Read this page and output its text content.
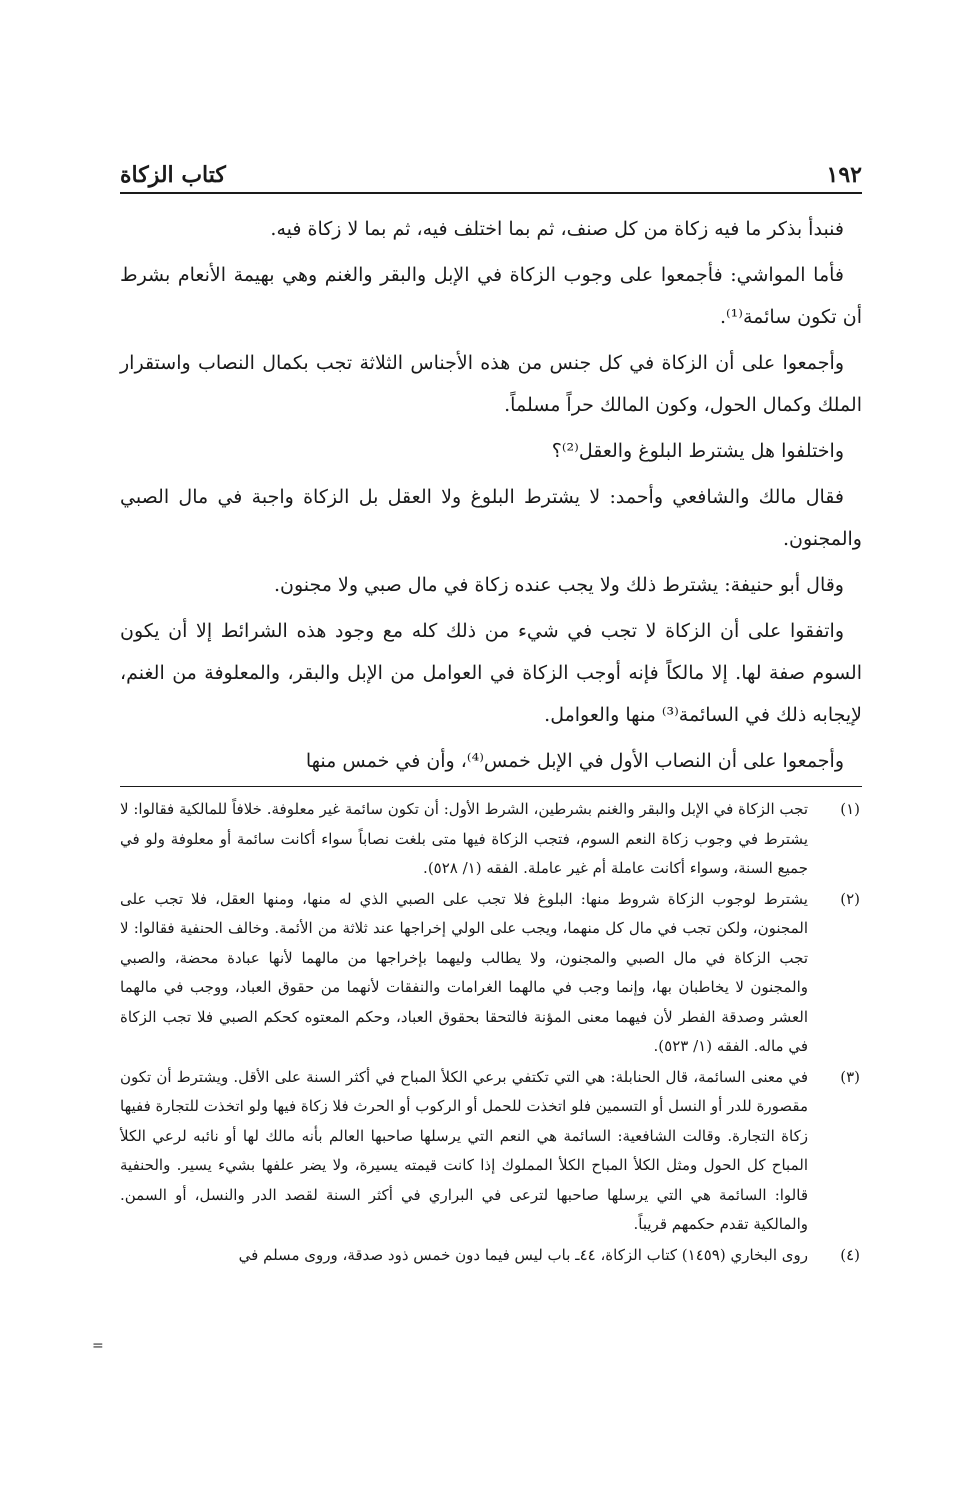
١٩٢
كتاب الزكاة

فنبدأ بذكر ما فيه زكاة من كل صنف، ثم بما اختلف فيه، ثم بما لا زكاة فيه.

فأما المواشي: فأجمعوا على وجوب الزكاة في الإبل والبقر والغنم وهي بهيمة الأنعام بشرط أن تكون سائمة⁽¹⁾.

وأجمعوا على أن الزكاة في كل جنس من هذه الأجناس الثلاثة تجب بكمال النصاب واستقرار الملك وكمال الحول، وكون المالك حراً مسلماً.

واختلفوا هل يشترط البلوغ والعقل⁽²⁾؟

فقال مالك والشافعي وأحمد: لا يشترط البلوغ ولا العقل بل الزكاة واجبة في مال الصبي والمجنون.

وقال أبو حنيفة: يشترط ذلك ولا يجب عنده زكاة في مال صبي ولا مجنون.

واتفقوا على أن الزكاة لا تجب في شيء من ذلك كله مع وجود هذه الشرائط إلا أن يكون السوم صفة لها. إلا مالكاً فإنه أوجب الزكاة في العوامل من الإبل والبقر، والمعلوفة من الغنم، لإيجابه ذلك في السائمة⁽³⁾ منها والعوامل.

وأجمعوا على أن النصاب الأول في الإبل خمس⁽⁴⁾، وأن في خمس منها

(١)
تجب الزكاة في الإبل والبقر والغنم بشرطين، الشرط الأول: أن تكون سائمة غير معلوفة. خلافاً للمالكية فقالوا: لا يشترط في وجوب زكاة النعم السوم، فتجب الزكاة فيها متى بلغت نصاباً سواء أكانت سائمة أو معلوفة ولو في جميع السنة، وسواء أكانت عاملة أم غير عاملة. الفقه (١/ ٥٢٨).
(٢)
يشترط لوجوب الزكاة شروط منها: البلوغ فلا تجب على الصبي الذي له منها، ومنها العقل، فلا تجب على المجنون، ولكن تجب في مال كل منهما، ويجب على الولي إخراجها عند ثلاثة من الأئمة. وخالف الحنفية فقالوا: لا تجب الزكاة في مال الصبي والمجنون، ولا يطالب وليهما بإخراجها من مالهما لأنها عبادة محضة، والصبي والمجنون لا يخاطبان بها، وإنما وجب في مالهما الغرامات والنفقات لأنهما من حقوق العباد، ووجب في مالهما العشر وصدقة الفطر لأن فيهما معنى المؤنة فالتحقا بحقوق العباد، وحكم المعتوه كحكم الصبي فلا تجب الزكاة في ماله. الفقه (١/ ٥٢٣).
(٣)
في معنى السائمة، قال الحنابلة: هي التي تكتفي برعي الكلأ المباح في أكثر السنة على الأقل. ويشترط أن تكون مقصورة للدر أو النسل أو التسمين فلو اتخذت للحمل أو الركوب أو الحرث فلا زكاة فيها ولو اتخذت للتجارة ففيها زكاة التجارة. وقالت الشافعية: السائمة هي النعم التي يرسلها صاحبها العالم بأنه مالك لها أو نائبه لرعي الكلأ المباح كل الحول ومثل الكلأ المباح الكلأ المملوك إذا كانت قيمته يسيرة، ولا يضر علفها بشيء يسير. والحنفية قالوا: السائمة هي التي يرسلها صاحبها لترعى في البراري في أكثر السنة لقصد الدر والنسل، أو السمن. والمالكية تقدم حكمهم قريباً.
(٤)
روى البخاري (١٤٥٩) كتاب الزكاة، ٤٤ـ باب ليس فيما دون خمس ذود صدقة، وروى مسلم في
=
